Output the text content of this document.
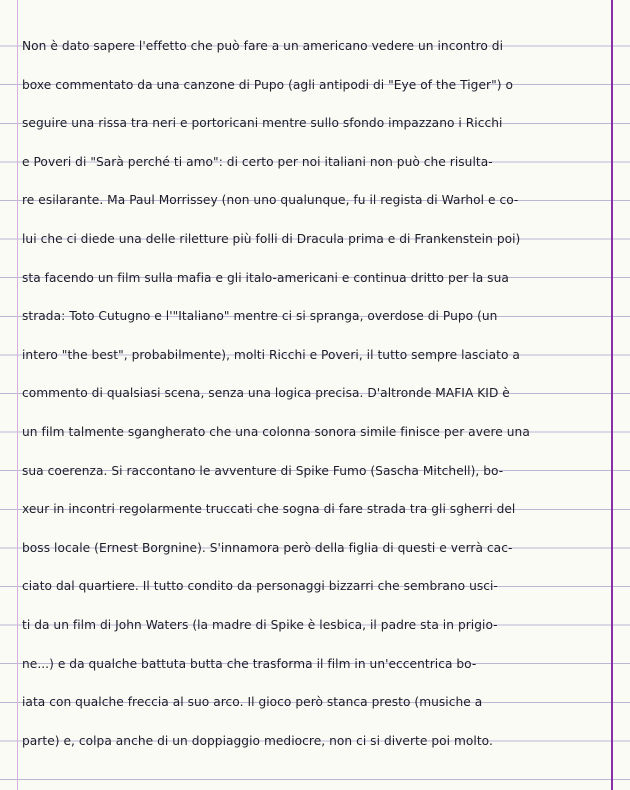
Non è dato sapere l'effetto che può fare a un americano vedere un incontro di
boxe commentato da una canzone di Pupo (agli antipodi di "Eye of the Tiger") o
seguire una rissa tra neri e portoricani mentre sullo sfondo impazzano i Ricchi
e Poveri di "Sarà perché ti amo": di certo per noi italiani non può che risulta-
re esilarante. Ma Paul Morrissey (non uno qualunque, fu il regista di Warhol e co-
lui che ci diede una delle riletture più folli di Dracula prima e di Frankenstein poi)
sta facendo un film sulla mafia e gli italo-americani e continua dritto per la sua
strada: Toto Cutugno e l'"Italiano" mentre ci si spranga, overdose di Pupo (un
intero "the best", probabilmente), molti Ricchi e Poveri, il tutto sempre lasciato a
commento di qualsiasi scena, senza una logica precisa. D'altronde MAFIA KID è
un film talmente sgangherato che una colonna sonora simile finisce per avere una
sua coerenza. Si raccontano le avventure di Spike Fumo (Sascha Mitchell), bo-
xeur in incontri regolarmente truccati che sogna di fare strada tra gli sgherri del
boss locale (Ernest Borgnine). S'innamora però della figlia di questi e verrà cac-
ciato dal quartiere. Il tutto condito da personaggi bizzarri che sembrano usci-
ti da un film di John Waters (la madre di Spike è lesbica, il padre sta in prigio-
ne...) e da qualche battuta butta che trasforma il film in un'eccentrica bo-
iata con qualche freccia al suo arco. Il gioco però stanca presto (musiche a
parte) e, colpa anche di un doppiaggio mediocre, non ci si diverte poi molto.
